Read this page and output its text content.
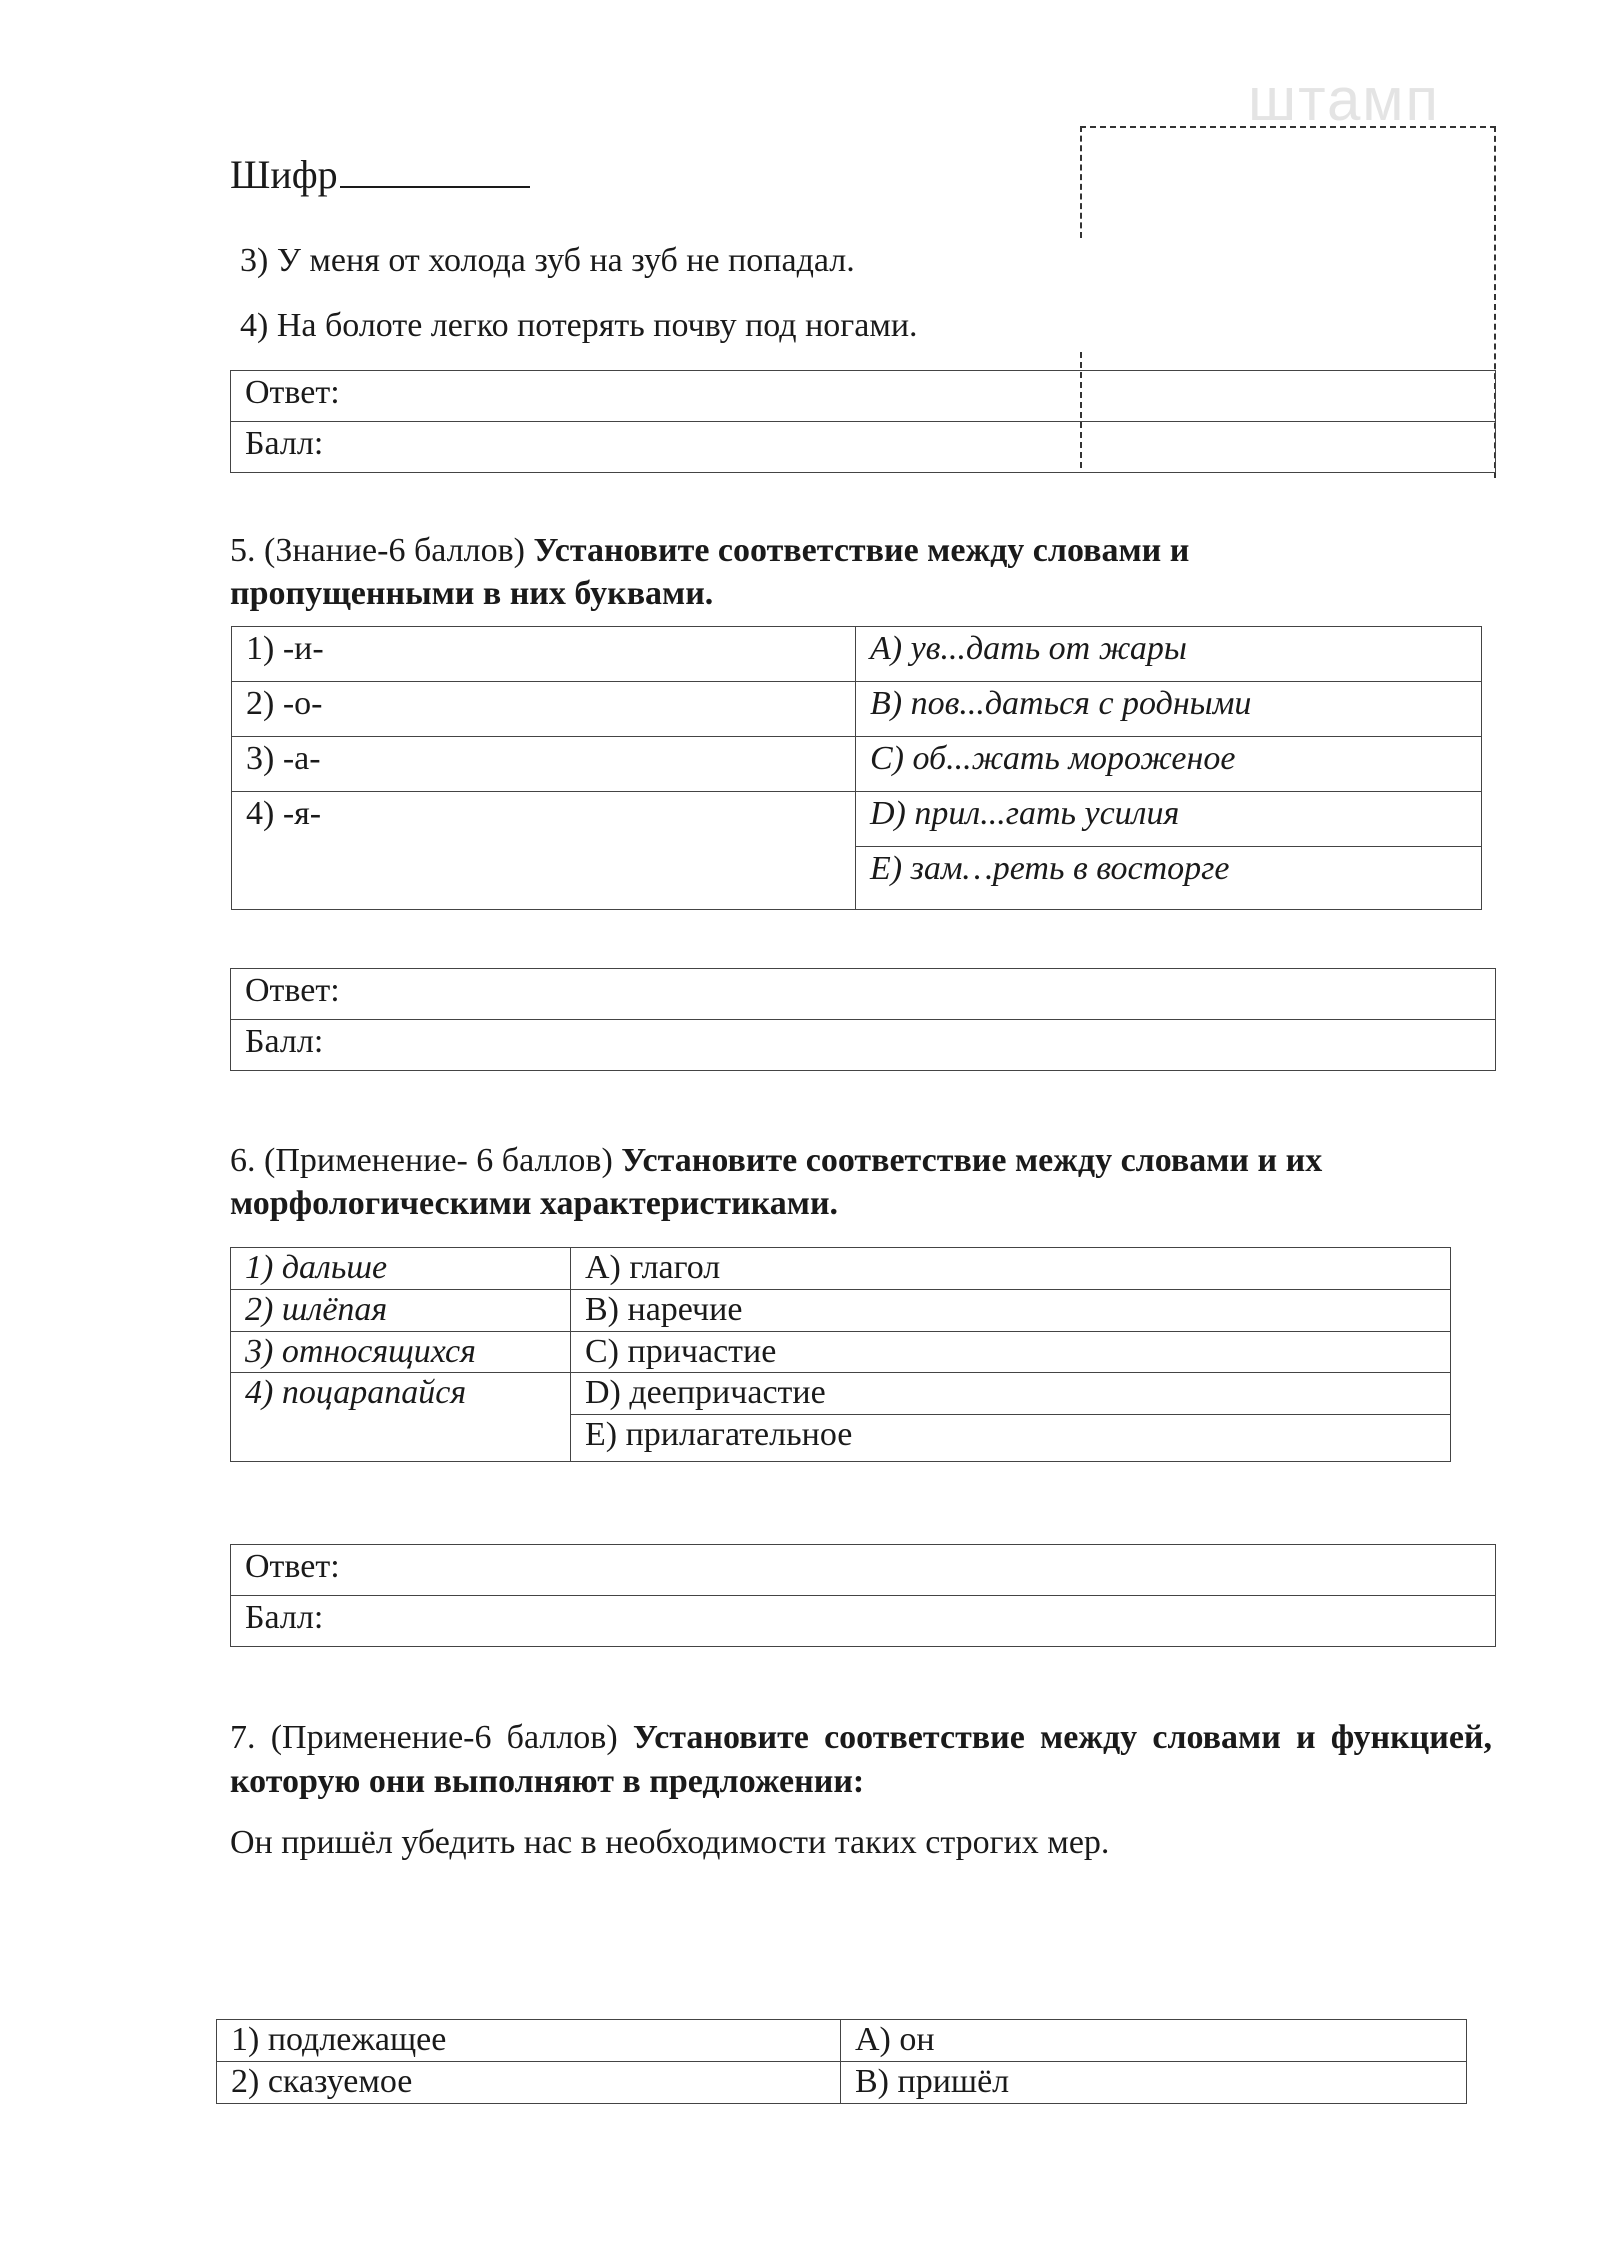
штамп
Шифр
3) У меня от холода зуб на зуб не попадал.
4) На болоте легко потерять почву под ногами.
Ответ:
Балл:
5. (Знание-6 баллов) Установите соответствие между словами и
пропущенными в них буквами.
1) -и-	A) ув...дать от жары
2) -о-	B) пов...даться с родными
3) -а-	C) об...жать мороженое
4) -я-	D) прил...гать усилия
	E) зам…реть в восторге
Ответ:
Балл:
6. (Применение- 6 баллов) Установите соответствие между словами и их
морфологическими характеристиками.
1) дальше	A) глагол
2) шлёпая	B) наречие
3) относящихся	C) причастие
4) поцарапайся	D) деепричастие
	E) прилагательное
Ответ:
Балл:
7. (Применение-6 баллов) Установите соответствие между словами и функцией, которую они выполняют в предложении:
Он пришёл убедить нас в необходимости таких строгих мер.
1) подлежащее	A) он
2) сказуемое	B) пришёл
